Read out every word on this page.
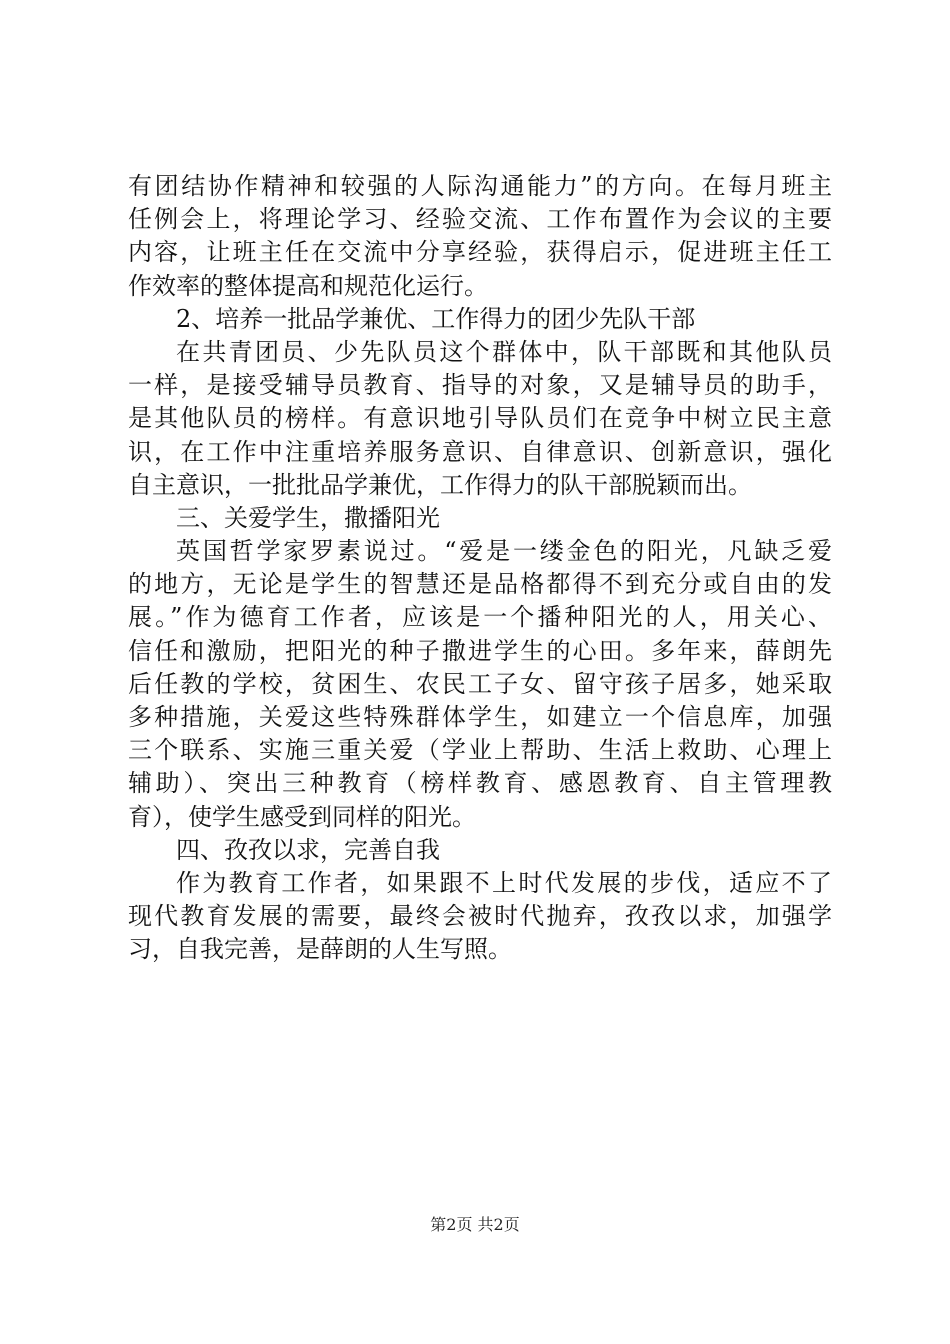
有团结协作精神和较强的人际沟通能力”的方向。在每月班主
任例会上，将理论学习、经验交流、工作布置作为会议的主要
内容，让班主任在交流中分享经验，获得启示，促进班主任工
作效率的整体提高和规范化运行。
2、培养一批品学兼优、工作得力的团少先队干部
在共青团员、少先队员这个群体中，队干部既和其他队员
一样，是接受辅导员教育、指导的对象，又是辅导员的助手，
是其他队员的榜样。有意识地引导队员们在竞争中树立民主意
识，在工作中注重培养服务意识、自律意识、创新意识，强化
自主意识，一批批品学兼优，工作得力的队干部脱颖而出。
三、关爱学生，撒播阳光
英国哲学家罗素说过。“爱是一缕金色的阳光，凡缺乏爱
的地方，无论是学生的智慧还是品格都得不到充分或自由的发
展。”作为德育工作者，应该是一个播种阳光的人，用关心、
信任和激励，把阳光的种子撒进学生的心田。多年来，薛朗先
后任教的学校，贫困生、农民工子女、留守孩子居多，她采取
多种措施，关爱这些特殊群体学生，如建立一个信息库，加强
三个联系、实施三重关爱（学业上帮助、生活上救助、心理上
辅助）、突出三种教育（榜样教育、感恩教育、自主管理教
育），使学生感受到同样的阳光。
四、孜孜以求，完善自我
作为教育工作者，如果跟不上时代发展的步伐，适应不了
现代教育发展的需要，最终会被时代抛弃，孜孜以求，加强学
习，自我完善，是薛朗的人生写照。
第2页 共2页
